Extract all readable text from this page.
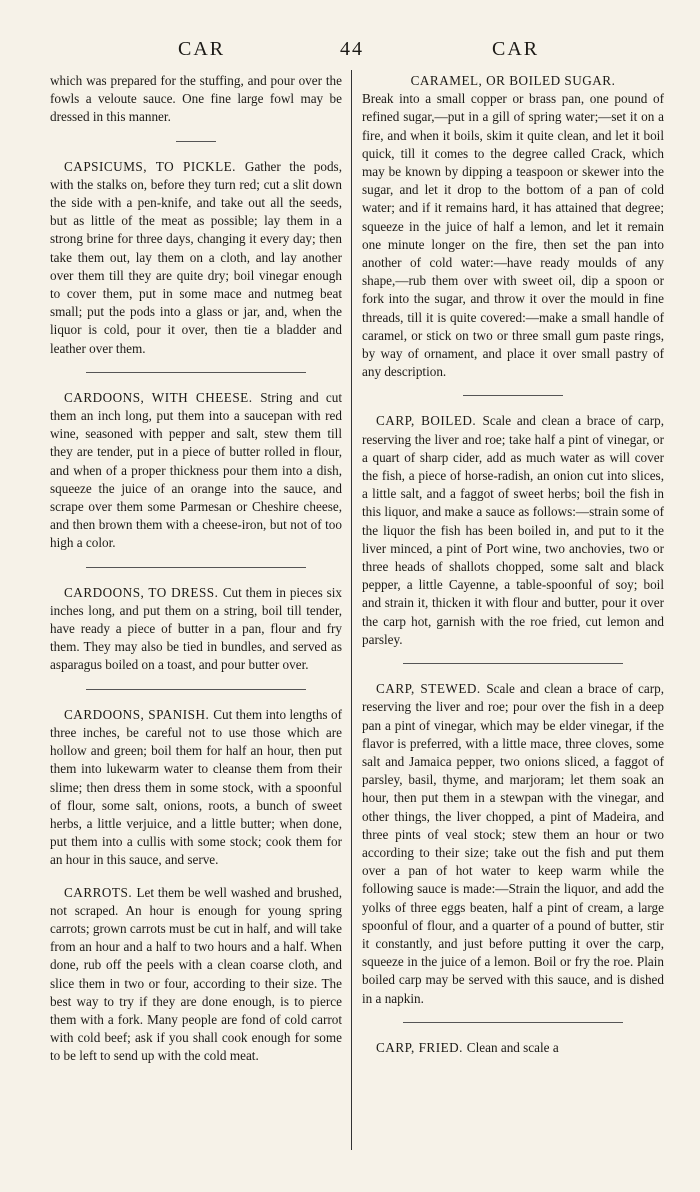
CAR	44	CAR

which was prepared for the stuffing, and pour over the fowls a veloute sauce. One fine large fowl may be dressed in this manner.

CAPSICUMS, TO PICKLE. Gather the pods, with the stalks on, before they turn red; cut a slit down the side with a pen-knife, and take out all the seeds, but as little of the meat as possible; lay them in a strong brine for three days, changing it every day; then take them out, lay them on a cloth, and lay another over them till they are quite dry; boil vinegar enough to cover them, put in some mace and nutmeg beat small; put the pods into a glass or jar, and, when the liquor is cold, pour it over, then tie a bladder and leather over them.

CARDOONS, WITH CHEESE. String and cut them an inch long, put them into a saucepan with red wine, seasoned with pepper and salt, stew them till they are tender, put in a piece of butter rolled in flour, and when of a proper thickness pour them into a dish, squeeze the juice of an orange into the sauce, and scrape over them some Parmesan or Cheshire cheese, and then brown them with a cheese-iron, but not of too high a color.

CARDOONS, TO DRESS. Cut them in pieces six inches long, and put them on a string, boil till tender, have ready a piece of butter in a pan, flour and fry them. They may also be tied in bundles, and served as asparagus boiled on a toast, and pour butter over.

CARDOONS, SPANISH. Cut them into lengths of three inches, be careful not to use those which are hollow and green; boil them for half an hour, then put them into lukewarm water to cleanse them from their slime; then dress them in some stock, with a spoonful of flour, some salt, onions, roots, a bunch of sweet herbs, a little verjuice, and a little butter; when done, put them into a cullis with some stock; cook them for an hour in this sauce, and serve.

CARROTS. Let them be well washed and brushed, not scraped. An hour is enough for young spring carrots; grown carrots must be cut in half, and will take from an hour and a half to two hours and a half. When done, rub off the peels with a clean coarse cloth, and slice them in two or four, according to their size. The best way to try if they are done enough, is to pierce them with a fork. Many people are fond of cold carrot with cold beef; ask if you shall cook enough for some to be left to send up with the cold meat.

CARAMEL, OR BOILED SUGAR.
Break into a small copper or brass pan, one pound of refined sugar,—put in a gill of spring water;—set it on a fire, and when it boils, skim it quite clean, and let it boil quick, till it comes to the degree called Crack, which may be known by dipping a teaspoon or skewer into the sugar, and let it drop to the bottom of a pan of cold water; and if it remains hard, it has attained that degree; squeeze in the juice of half a lemon, and let it remain one minute longer on the fire, then set the pan into another of cold water:—have ready moulds of any shape,—rub them over with sweet oil, dip a spoon or fork into the sugar, and throw it over the mould in fine threads, till it is quite covered:—make a small handle of caramel, or stick on two or three small gum paste rings, by way of ornament, and place it over small pastry of any description.

CARP, BOILED. Scale and clean a brace of carp, reserving the liver and roe; take half a pint of vinegar, or a quart of sharp cider, add as much water as will cover the fish, a piece of horse-radish, an onion cut into slices, a little salt, and a faggot of sweet herbs; boil the fish in this liquor, and make a sauce as follows:—strain some of the liquor the fish has been boiled in, and put to it the liver minced, a pint of Port wine, two anchovies, two or three heads of shallots chopped, some salt and black pepper, a little Cayenne, a table-spoonful of soy; boil and strain it, thicken it with flour and butter, pour it over the carp hot, garnish with the roe fried, cut lemon and parsley.

CARP, STEWED. Scale and clean a brace of carp, reserving the liver and roe; pour over the fish in a deep pan a pint of vinegar, which may be elder vinegar, if the flavor is preferred, with a little mace, three cloves, some salt and Jamaica pepper, two onions sliced, a faggot of parsley, basil, thyme, and marjoram; let them soak an hour, then put them in a stewpan with the vinegar, and other things, the liver chopped, a pint of Madeira, and three pints of veal stock; stew them an hour or two according to their size; take out the fish and put them over a pan of hot water to keep warm while the following sauce is made:—Strain the liquor, and add the yolks of three eggs beaten, half a pint of cream, a large spoonful of flour, and a quarter of a pound of butter, stir it constantly, and just before putting it over the carp, squeeze in the juice of a lemon. Boil or fry the roe. Plain boiled carp may be served with this sauce, and is dished in a napkin.

CARP, FRIED. Clean and scale a
